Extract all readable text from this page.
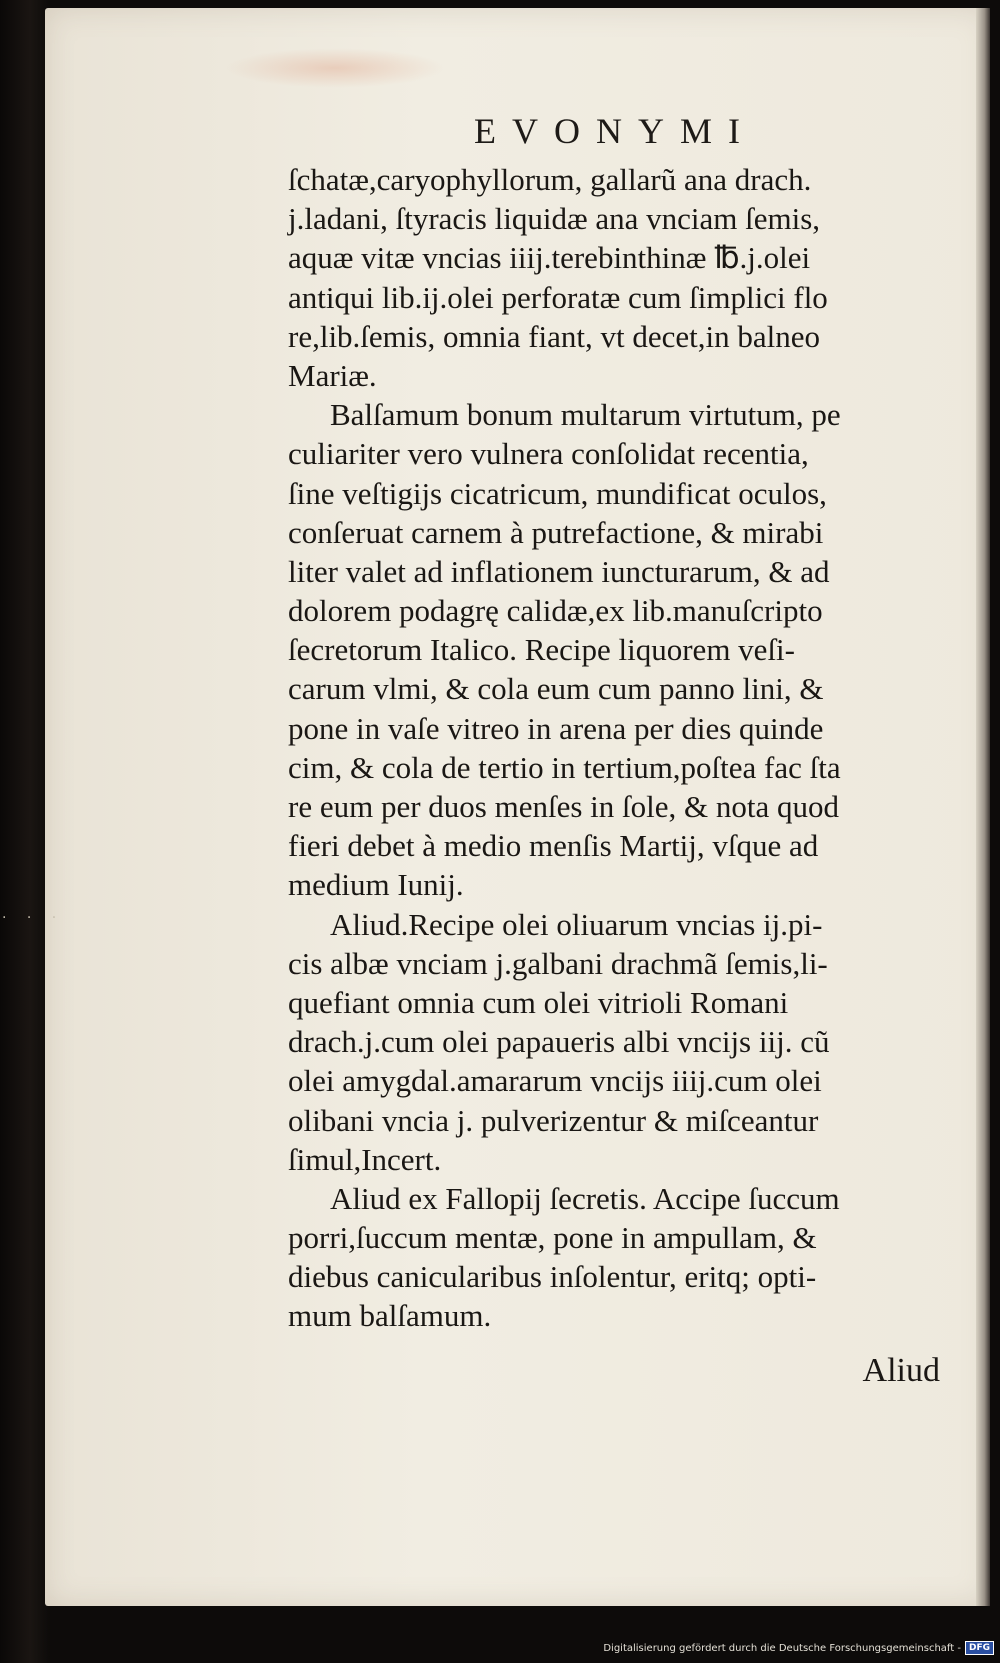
· · ·
EVONYMI
ſchatæ,caryophyllorum, gallarũ ana drach.
j.ladani, ſtyracis liquidæ ana vnciam ſemis,
aquæ vitæ vncias iiij.terebinthinæ ℔.j.olei
antiqui lib.ij.olei perforatæ cum ſimplici flo
re,lib.ſemis, omnia fiant, vt decet,in balneo
Mariæ.
Balſamum bonum multarum virtutum, pe
culiariter vero vulnera conſolidat recentia,
ſine veſtigijs cicatricum, mundificat oculos,
conſeruat carnem à putrefactione, & mirabi
liter valet ad inflationem iuncturarum, & ad
dolorem podagrę calidæ,ex lib.manuſcripto
ſecretorum Italico. Recipe liquorem veſi-
carum vlmi, & cola eum cum panno lini, &
pone in vaſe vitreo in arena per dies quinde
cim, & cola de tertio in tertium,poſtea fac ſta
re eum per duos menſes in ſole, & nota quod
fieri debet à medio menſis Martij, vſque ad
medium Iunij.
Aliud.Recipe olei oliuarum vncias ij.pi-
cis albæ vnciam j.galbani drachmã ſemis,li-
quefiant omnia cum olei vitrioli Romani
drach.j.cum olei papaueris albi vncijs iij. cũ
olei amygdal.amararum vncijs iiij.cum olei
olibani vncia j. pulverizentur & miſceantur
ſimul,Incert.
Aliud ex Fallopij ſecretis. Accipe ſuccum
porri,ſuccum mentæ, pone in ampullam, &
diebus canicularibus inſolentur, eritq; opti-
mum balſamum.
Aliud
Digitalisierung gefördert durch die Deutsche Forschungsgemeinschaft - DFG
